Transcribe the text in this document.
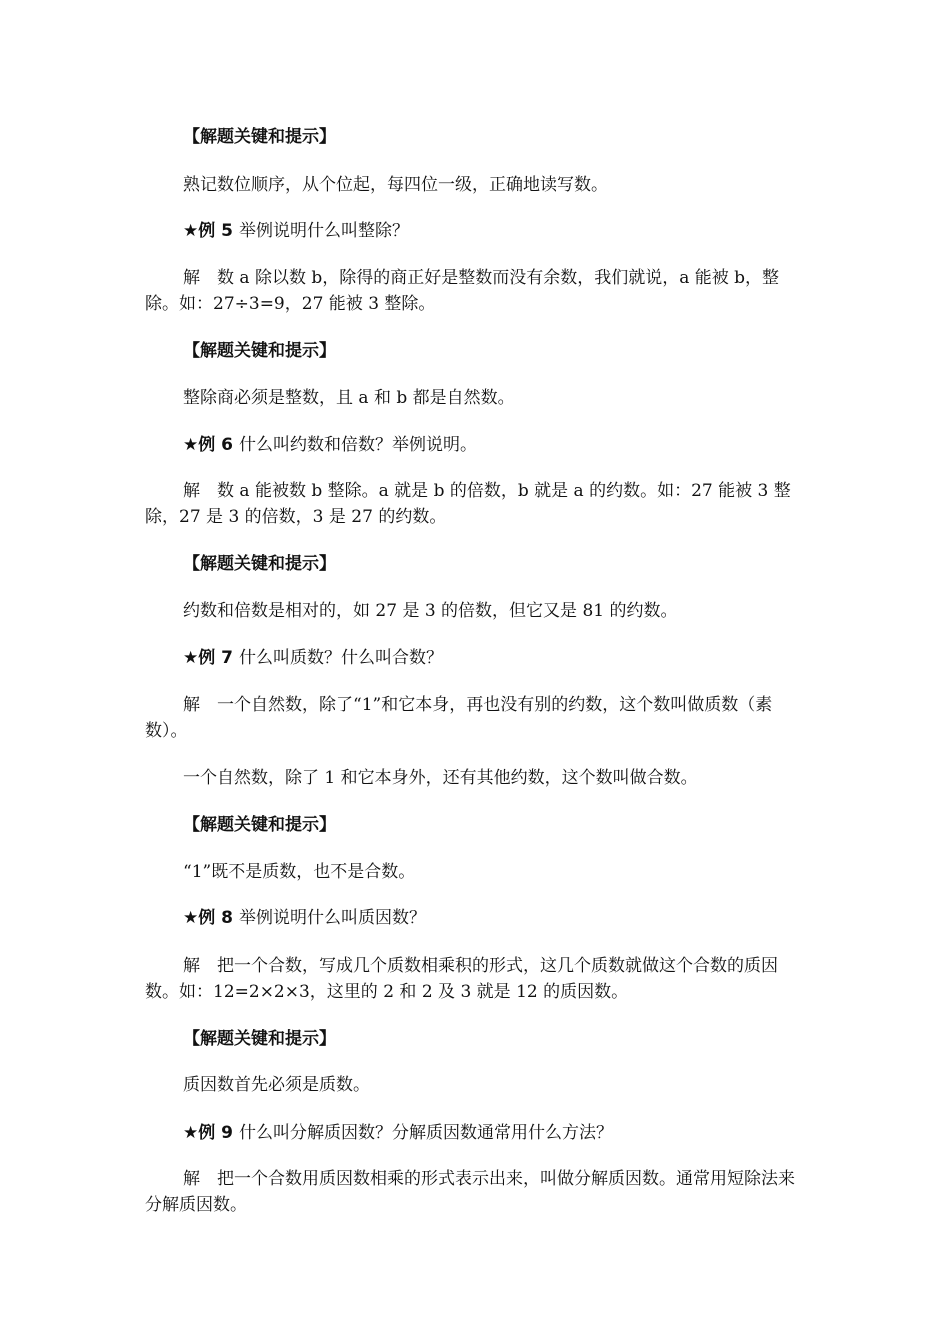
【解题关键和提示】
熟记数位顺序，从个位起，每四位一级，正确地读写数。
★例 5 举例说明什么叫整除？
解　数 a 除以数 b，除得的商正好是整数而没有余数，我们就说，a 能被 b，整除。如：27÷3=9，27 能被 3 整除。
【解题关键和提示】
整除商必须是整数，且 a 和 b 都是自然数。
★例 6 什么叫约数和倍数？举例说明。
解　数 a 能被数 b 整除。a 就是 b 的倍数，b 就是 a 的约数。如：27 能被 3 整除，27 是 3 的倍数，3 是 27 的约数。
【解题关键和提示】
约数和倍数是相对的，如 27 是 3 的倍数，但它又是 81 的约数。
★例 7 什么叫质数？什么叫合数？
解　一个自然数，除了“1”和它本身，再也没有别的约数，这个数叫做质数（素数）。
一个自然数，除了 1 和它本身外，还有其他约数，这个数叫做合数。
【解题关键和提示】
“1”既不是质数，也不是合数。
★例 8 举例说明什么叫质因数？
解　把一个合数，写成几个质数相乘积的形式，这几个质数就做这个合数的质因数。如：12=2×2×3，这里的 2 和 2 及 3 就是 12 的质因数。
【解题关键和提示】
质因数首先必须是质数。
★例 9 什么叫分解质因数？分解质因数通常用什么方法？
解　把一个合数用质因数相乘的形式表示出来，叫做分解质因数。通常用短除法来分解质因数。
